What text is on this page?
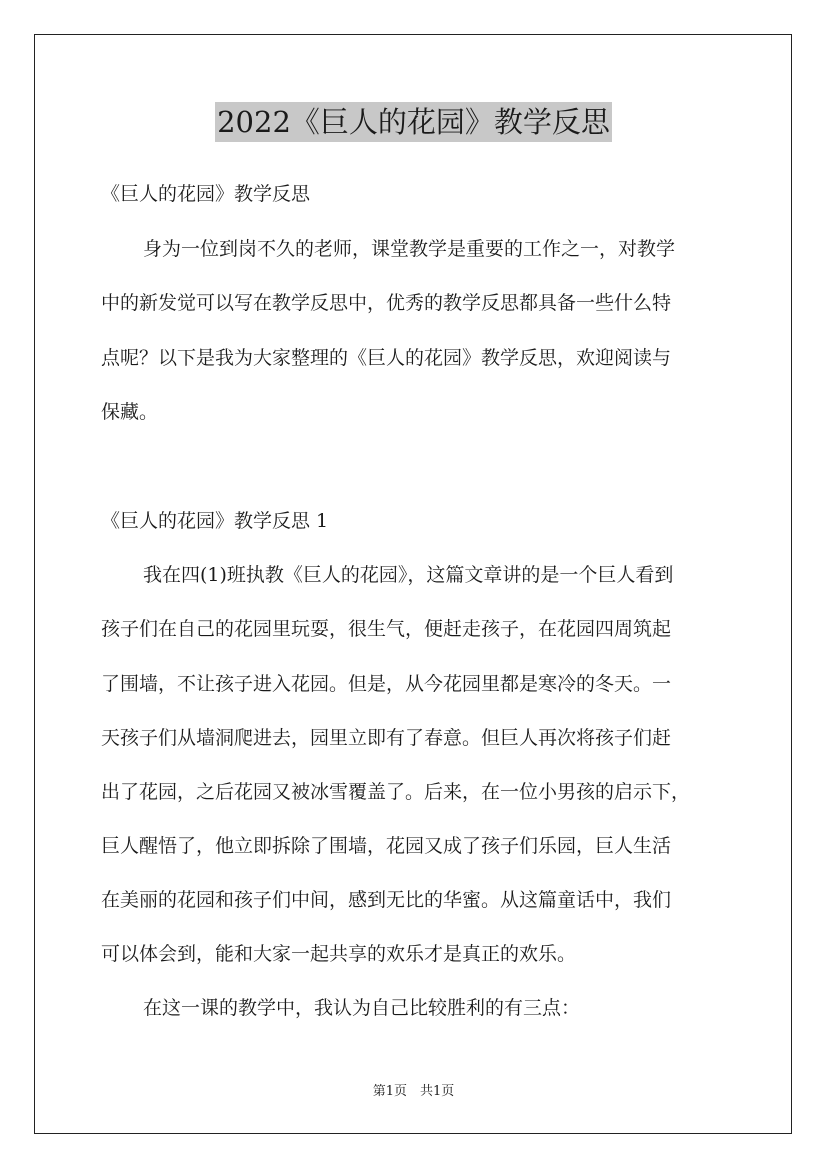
2022《巨人的花园》教学反思
《巨人的花园》教学反思
身为一位到岗不久的老师，课堂教学是重要的工作之一，对教学
中的新发觉可以写在教学反思中，优秀的教学反思都具备一些什么特
点呢？以下是我为大家整理的《巨人的花园》教学反思，欢迎阅读与
保藏。
《巨人的花园》教学反思 1
我在四(1)班执教《巨人的花园》，这篇文章讲的是一个巨人看到
孩子们在自己的花园里玩耍，很生气，便赶走孩子，在花园四周筑起
了围墙，不让孩子进入花园。但是，从今花园里都是寒冷的冬天。一
天孩子们从墙洞爬进去，园里立即有了春意。但巨人再次将孩子们赶
出了花园，之后花园又被冰雪覆盖了。后来，在一位小男孩的启示下，
巨人醒悟了，他立即拆除了围墙，花园又成了孩子们乐园，巨人生活
在美丽的花园和孩子们中间，感到无比的华蜜。从这篇童话中，我们
可以体会到，能和大家一起共享的欢乐才是真正的欢乐。
在这一课的教学中，我认为自己比较胜利的有三点：
第1页　共1页
